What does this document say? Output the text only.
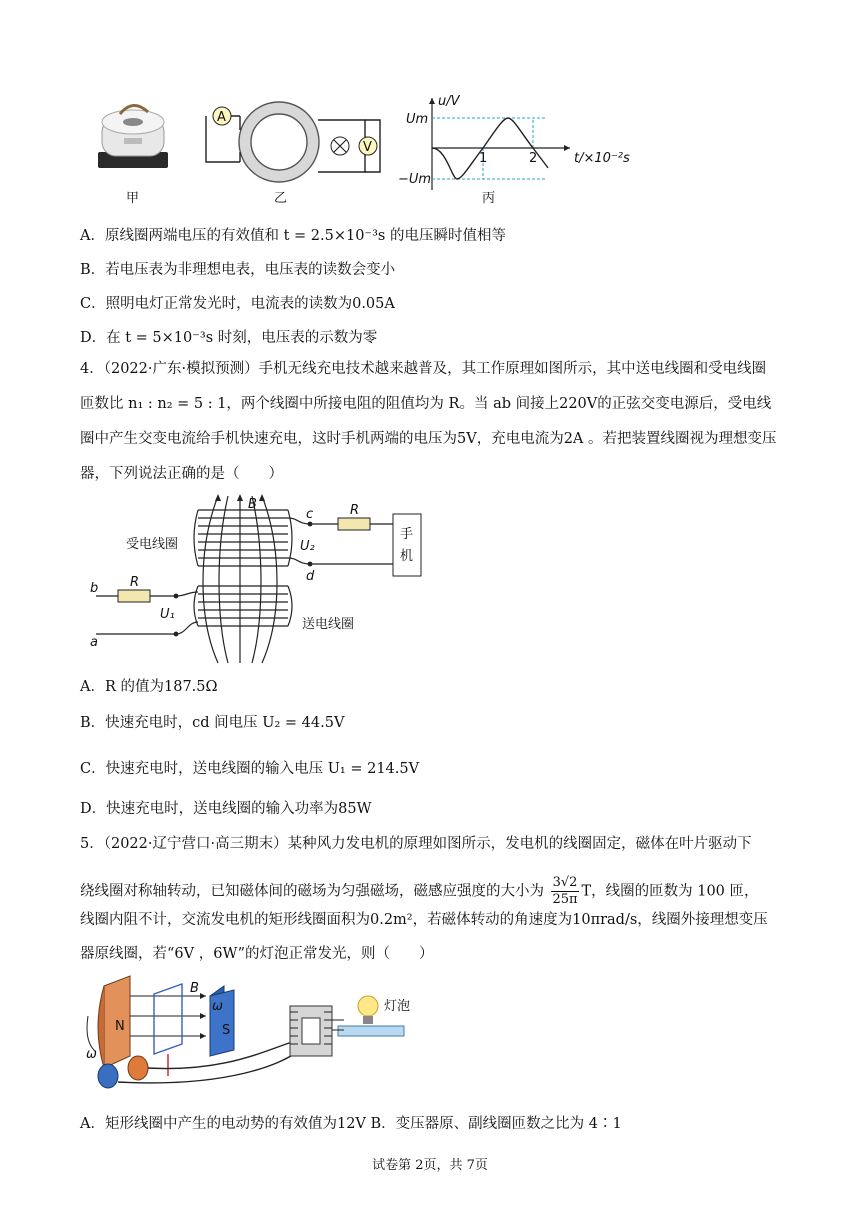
甲
A
V
乙
u/V
Um
−Um
1	2	t/×10⁻²s
丙
A．原线圈两端电压的有效值和 t = 2.5×10⁻³s 的电压瞬时值相等
B．若电压表为非理想电表，电压表的读数会变小
C．照明电灯正常发光时，电流表的读数为0.05A
D．在 t = 5×10⁻³s 时刻，电压表的示数为零
4．（2022·广东·模拟预测）手机无线充电技术越来越普及，其工作原理如图所示，其中送电线圈和受电线圈匝数比 n₁ : n₂ = 5 : 1，两个线圈中所接电阻的阻值均为 R。当 ab 间接上220V的正弦交变电源后，受电线圈中产生交变电流给手机快速充电，这时手机两端的电压为5V，充电电流为2A 。若把装置线圈视为理想变压器，下列说法正确的是（　　）
受电线圈
送电线圈
手
机
B	R
R
c
d
b
a
U₁
U₂
A．R 的值为187.5Ω
B．快速充电时，cd 间电压 U₂ = 44.5V
C．快速充电时，送电线圈的输入电压 U₁ = 214.5V
D．快速充电时，送电线圈的输入功率为85W
5．（2022·辽宁营口·高三期末）某种风力发电机的原理如图所示，发电机的线圈固定，磁体在叶片驱动下
绕线圈对称轴转动，已知磁体间的磁场为匀强磁场，磁感应强度的大小为 $\frac{3√2}{25\pi}$ T，线圈的匝数为 100 匝，
线圈内阻不计，交流发电机的矩形线圈面积为0.2m²，若磁体转动的角速度为10πrad/s，线圈外接理想变压
器原线圈，若“6V ，6W”的灯泡正常发光，则（　　）
N	S
ω
B
ω
灯泡
A．矩形线圈中产生的电动势的有效值为12V B．变压器原、副线圈匝数之比为 4∶1
试卷第 2页，共 7页
